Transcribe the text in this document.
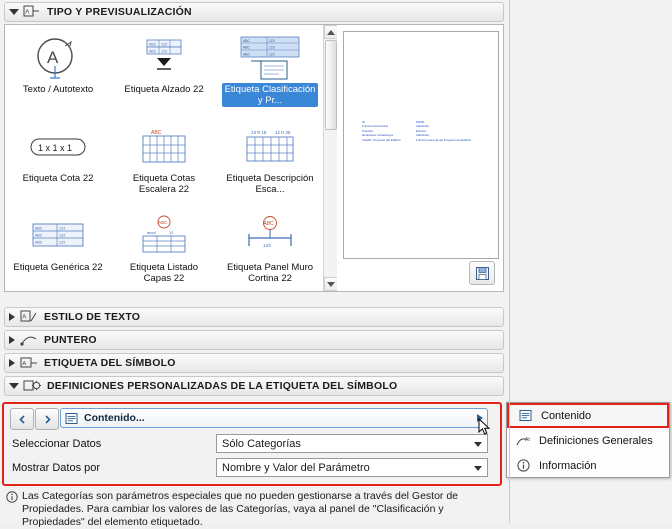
A TIPO Y PREVISUALIZACIÓN
A
Texto / Autotexto
ABC 123
ABC 123
Etiqueta Alzado 22
ABC	123
ABC	123
ABC	123
Etiqueta Clasificación y Pr...
1 x 1 x 1
Etiqueta Cota 22
ABC
Etiqueta Cotas Escalera 22
13 R 18 12 H 26
Etiqueta Descripción Esca...
ABC	123
ABC	123
ABC	123
Etiqueta Genérica 22
ABC
abcd	12
Etiqueta Listado Capas 22
ABC
123
Etiqueta Panel Muro Cortina 22
ID	00000
Función Estructural	Indefinido
Posición	Exterior
Requisitos Cortafuegos	Indefinido
Clasific. Proyecto del Edificio	Función General del Proyecto del Edificio
A ESTILO DE TEXTO
PUNTERO
A ETIQUETA DEL SÍMBOLO
DEFINICIONES PERSONALIZADAS DE LA ETIQUETA DEL SÍMBOLO
Contenido...
Seleccionar Datos	Sólo Categorías
Mostrar Datos por	Nombre y Valor del Parámetro
Contenido
At Definiciones Generales
Información
Las Categorías son parámetros especiales que no pueden gestionarse a través del Gestor de Propiedades. Para cambiar los valores de las Categorías, vaya al panel de "Clasificación y Propiedades" del elemento etiquetado.
